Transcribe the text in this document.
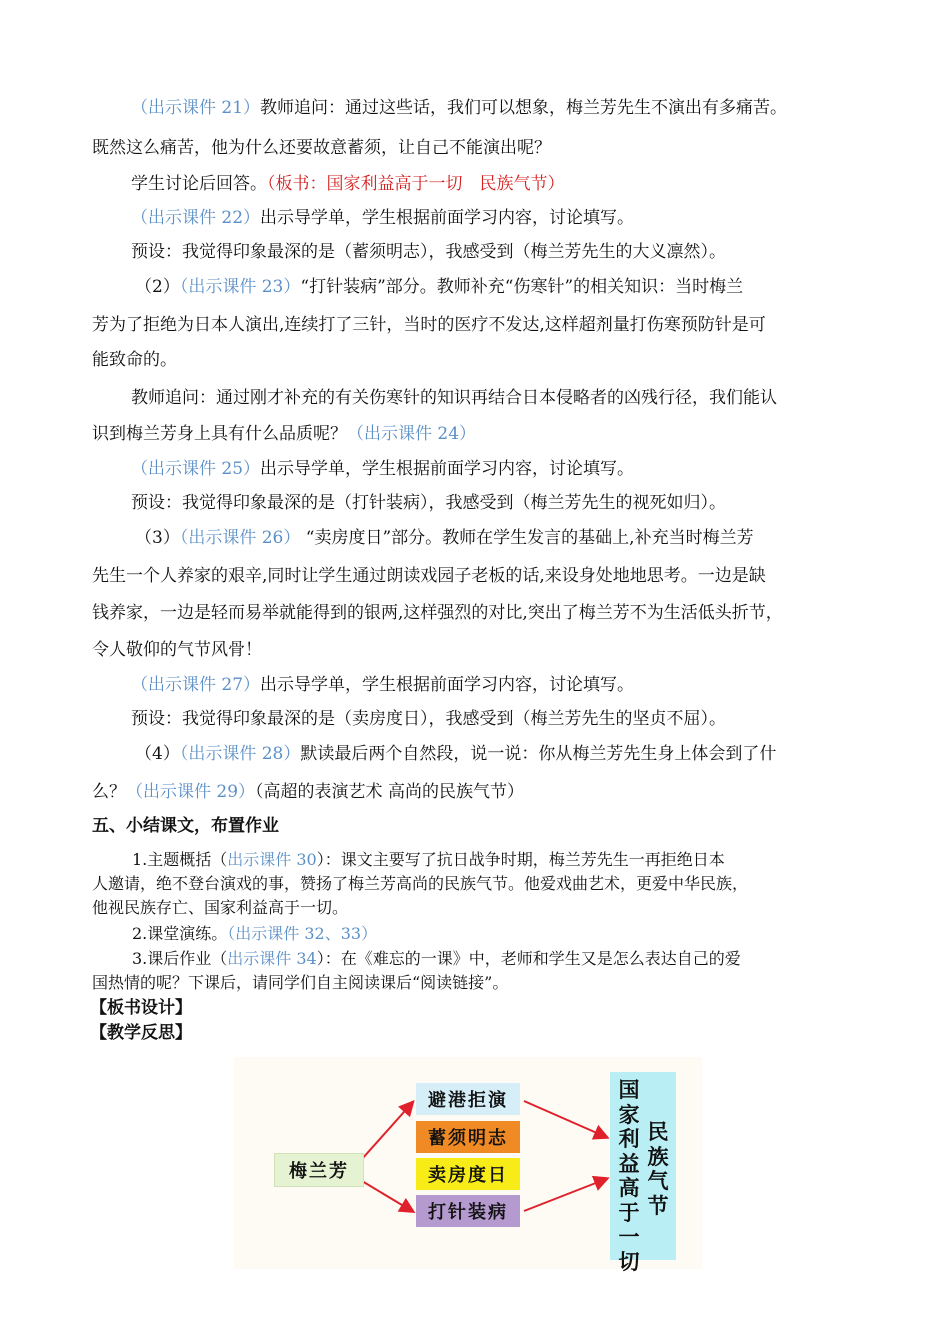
（出示课件 21）教师追问：通过这些话，我们可以想象，梅兰芳先生不演出有多痛苦。
既然这么痛苦，他为什么还要故意蓄须，让自己不能演出呢？
学生讨论后回答。（板书：国家利益高于一切　民族气节）
（出示课件 22）出示导学单，学生根据前面学习内容，讨论填写。
预设：我觉得印象最深的是（蓄须明志），我感受到（梅兰芳先生的大义凛然）。
（2）（出示课件 23）“打针装病”部分。教师补充“伤寒针”的相关知识：当时梅兰
芳为了拒绝为日本人演出,连续打了三针，当时的医疗不发达,这样超剂量打伤寒预防针是可
能致命的。
教师追问：通过刚才补充的有关伤寒针的知识再结合日本侵略者的凶残行径，我们能认
识到梅兰芳身上具有什么品质呢？（出示课件 24）
（出示课件 25）出示导学单，学生根据前面学习内容，讨论填写。
预设：我觉得印象最深的是（打针装病），我感受到（梅兰芳先生的视死如归）。
（3）（出示课件 26） “卖房度日”部分。教师在学生发言的基础上,补充当时梅兰芳
先生一个人养家的艰辛,同时让学生通过朗读戏园子老板的话,来设身处地地思考。一边是缺
钱养家，一边是轻而易举就能得到的银两,这样强烈的对比,突出了梅兰芳不为生活低头折节，
令人敬仰的气节风骨！
（出示课件 27）出示导学单，学生根据前面学习内容，讨论填写。
预设：我觉得印象最深的是（卖房度日），我感受到（梅兰芳先生的坚贞不屈）。
（4）（出示课件 28）默读最后两个自然段，说一说：你从梅兰芳先生身上体会到了什
么？（出示课件 29）（高超的表演艺术 高尚的民族气节）
五、小结课文，布置作业
1.主题概括（出示课件 30）：课文主要写了抗日战争时期，梅兰芳先生一再拒绝日本
人邀请，绝不登台演戏的事，赞扬了梅兰芳高尚的民族气节。他爱戏曲艺术，更爱中华民族，
他视民族存亡、国家利益高于一切。
2.课堂演练。（出示课件 32、33）
3.课后作业（出示课件 34）：在《难忘的一课》中，老师和学生又是怎么表达自己的爱
国热情的呢？下课后，请同学们自主阅读课后“阅读链接”。
【板书设计】
【教学反思】
梅兰芳
避港拒演
蓄须明志
卖房度日
打针装病
国家利益高于一切
民族气节
